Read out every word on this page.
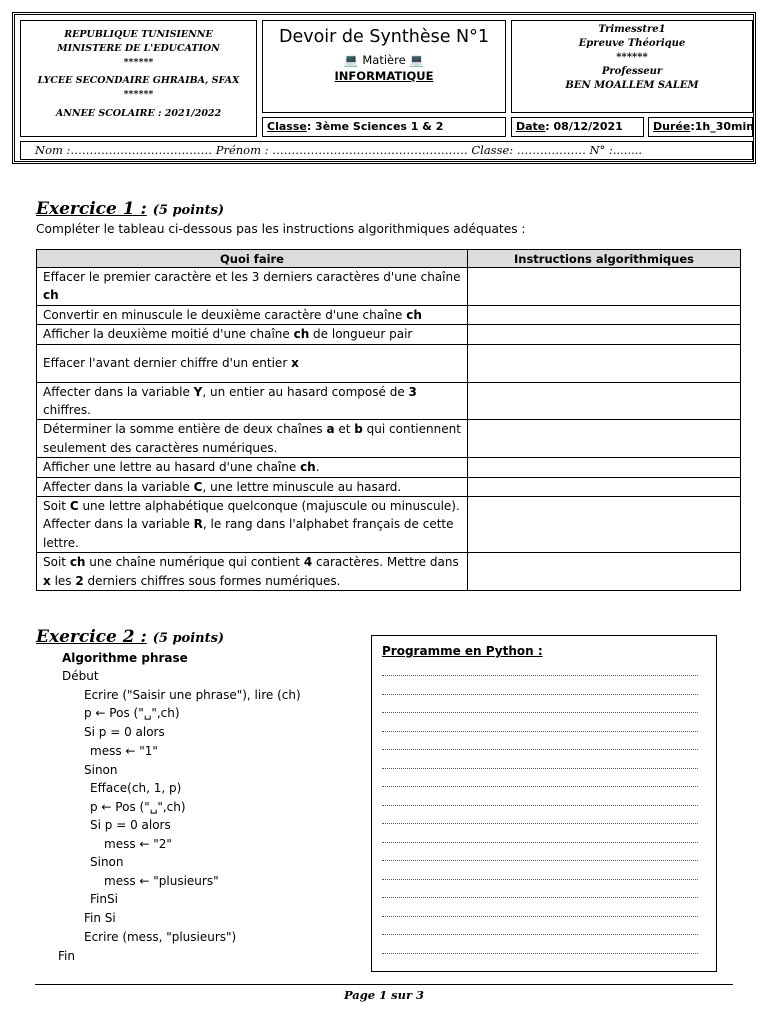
REPUBLIQUE TUNISIENNE
MINISTERE DE L'EDUCATION
******
LYCEE SECONDAIRE GHRAIBA, SFAX
******
ANNEE SCOLAIRE : 2021/2022
Devoir de Synthèse N°1
💻 Matière 💻
INFORMATIQUE
Trimesstre1
Epreuve Théorique
******
Professeur
BEN MOALLEM SALEM
Classe: 3ème Sciences 1 & 2	Date: 08/12/2021	Durée:1h_30min
Nom :………………….…………… Prénom : …………………………………………… Classe: ……………… N° :........
Exercice 1 : (5 points)
Compléter le tableau ci-dessous pas les instructions algorithmiques adéquates :
Quoi faire	Instructions algorithmiques
Effacer le premier caractère et les 3 derniers caractères d'une chaîne ch	
Convertir en minuscule le deuxième caractère d'une chaîne ch	
Afficher la deuxième moitié d'une chaîne ch de longueur pair	
Effacer l'avant dernier chiffre d'un entier x	
Affecter dans la variable Y, un entier au hasard composé de 3 chiffres.	
Déterminer la somme entière de deux chaînes a et b qui contiennent seulement des caractères numériques.	
Afficher une lettre au hasard d'une chaîne ch.	
Affecter dans la variable C, une lettre minuscule au hasard.	
Soit C une lettre alphabétique quelconque (majuscule ou minuscule). Affecter dans la variable R, le rang dans l'alphabet français de cette lettre.	
Soit ch une chaîne numérique qui contient 4 caractères. Mettre dans x les 2 derniers chiffres sous formes numériques.	
Exercice 2 : (5 points)
Algorithme phrase
Début
Ecrire ("Saisir une phrase"), lire (ch)
p ← Pos ("␣",ch)
Si p = 0 alors
mess ← "1"
Sinon
Efface(ch, 1, p)
p ← Pos ("␣",ch)
Si p = 0 alors
mess ← "2"
Sinon
mess ← "plusieurs"
FinSi
Fin Si
Ecrire (mess, "plusieurs")
Fin
Programme en Python :
Page 1 sur 3
